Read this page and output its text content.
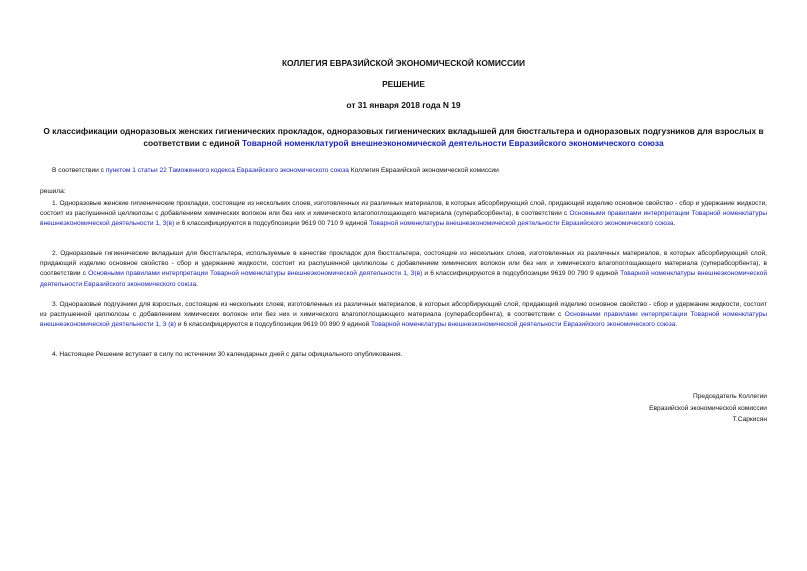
КОЛЛЕГИЯ ЕВРАЗИЙСКОЙ ЭКОНОМИЧЕСКОЙ КОМИССИИ
РЕШЕНИЕ
от 31 января 2018 года N 19
О классификации одноразовых женских гигиенических прокладок, одноразовых гигиенических вкладышей для бюстгальтера и одноразовых подгузников для взрослых в соответствии с единой Товарной номенклатурой внешнеэкономической деятельности Евразийского экономического союза
В соответствии с пунктом 1 статьи 22 Таможенного кодекса Евразийского экономического союза Коллегия Евразийской экономической комиссии
решила:
1. Одноразовые женские гигиенические прокладки, состоящие из нескольких слоев, изготовленных из различных материалов, в которых абсорбирующий слой, придающий изделию основное свойство - сбор и удержание жидкости, состоит из распушенной целлюлозы с добавлением химических волокон или без них и химического влагопоглощающего материала (суперабсорбента), в соответствии с Основными правилами интерпретации Товарной номенклатуры внешнеэкономической деятельности 1, 3(в) и 6 классифицируются в подсубпозиции 9619 00 710 9 единой Товарной номенклатуры внешнеэкономической деятельности Евразийского экономического союза.
2. Одноразовые гигиенические вкладыши для бюстгальтера, используемые в качестве прокладок для бюстгальтера, состоящие из нескольких слоев, изготовленных из различных материалов, в которых абсорбирующий слой, придающий изделию основное свойство - сбор и удержание жидкости, состоит из распушенной целлюлозы с добавлением химических волокон или без них и химического влагопоглощающего материала (суперабсорбента), в соответствии с Основными правилами интерпретации Товарной номенклатуры внешнеэкономической деятельности 1, 3(в) и 6 классифицируются в подсубпозиции 9619 00 790 9 единой Товарной номенклатуры внешнеэкономической деятельности Евразийского экономического союза.
3. Одноразовые подгузники для взрослых, состоящие из нескольких слоев, изготовленных из различных материалов, в которых абсорбирующий слой, придающий изделию основное свойство - сбор и удержание жидкости, состоит из распушенной целлюлозы с добавлением химических волокон или без них и химического влагопоглощающего материала (суперабсорбента), в соответствии с Основными правилами интерпретации Товарной номенклатуры внешнеэкономической деятельности 1, 3 (в) и 6 классифицируются в подсубпозиции 9619 00 890 9 единой Товарной номенклатуры внешнеэкономической деятельности Евразийского экономического союза.
4. Настоящее Решение вступает в силу по истечении 30 календарных дней с даты официального опубликования.
Председатель Коллегии
Евразийской экономической комиссии
Т.Саркисян
